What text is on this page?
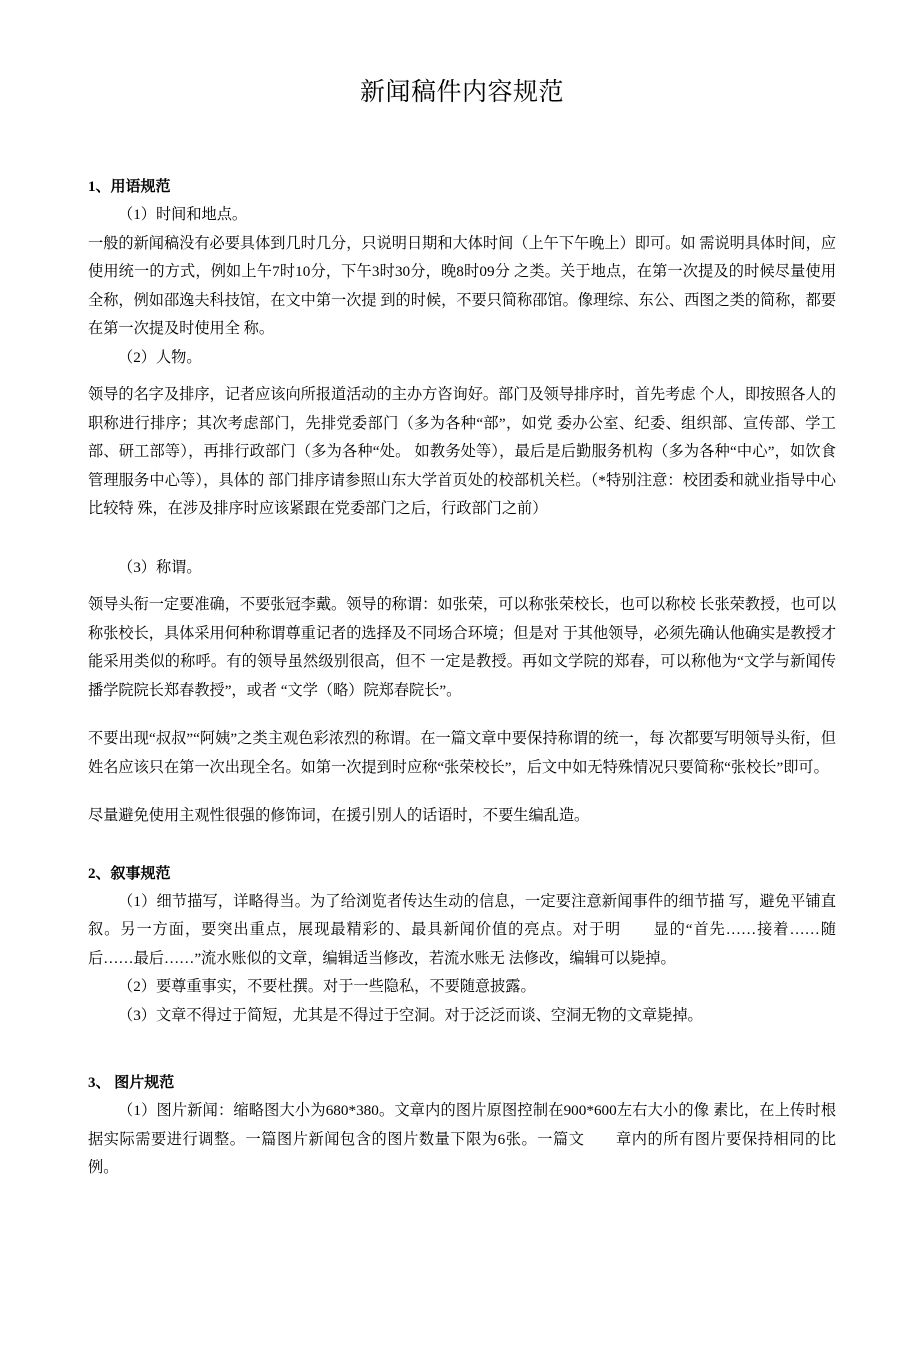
新闻稿件内容规范
1、用语规范
（1）时间和地点。
一般的新闻稿没有必要具体到几时几分，只说明日期和大体时间（上午下午晚上）即可。如 需说明具体时间，应使用统一的方式，例如上午7时10分，下午3时30分，晚8时09分 之类。关于地点，在第一次提及的时候尽量使用全称，例如邵逸夫科技馆，在文中第一次提 到的时候，不要只简称邵馆。像理综、东公、西图之类的简称，都要在第一次提及时使用全 称。
（2）人物。
领导的名字及排序，记者应该向所报道活动的主办方咨询好。部门及领导排序时，首先考虑 个人，即按照各人的职称进行排序；其次考虑部门，先排党委部门（多为各种“部”，如党 委办公室、纪委、组织部、宣传部、学工部、研工部等），再排行政部门（多为各种“处。 如教务处等），最后是后勤服务机构（多为各种“中心”，如饮食管理服务中心等），具体的 部门排序请参照山东大学首页处的校部机关栏。（*特别注意：校团委和就业指导中心比较特 殊，在涉及排序时应该紧跟在党委部门之后，行政部门之前）
（3）称谓。
领导头衔一定要准确，不要张冠李戴。领导的称谓：如张荣，可以称张荣校长，也可以称校 长张荣教授，也可以称张校长，具体采用何种称谓尊重记者的选择及不同场合环境；但是对 于其他领导，必须先确认他确实是教授才能采用类似的称呼。有的领导虽然级别很高，但不 一定是教授。再如文学院的郑春，可以称他为“文学与新闻传播学院院长郑春教授”，或者 “文学（略）院郑春院长”。
不要出现“叔叔”“阿姨”之类主观色彩浓烈的称谓。在一篇文章中要保持称谓的统一，每 次都要写明领导头衔，但姓名应该只在第一次出现全名。如第一次提到时应称“张荣校长”，后文中如无特殊情况只要简称“张校长”即可。
尽量避免使用主观性很强的修饰词，在援引别人的话语时，不要生编乱造。
2、叙事规范
（1）细节描写，详略得当。为了给浏览者传达生动的信息，一定要注意新闻事件的细节描 写，避免平铺直叙。另一方面，要突出重点，展现最精彩的、最具新闻价值的亮点。对于明　　显的“首先……接着……随后……最后……”流水账似的文章，编辑适当修改，若流水账无 法修改，编辑可以毙掉。
（2）要尊重事实，不要杜撰。对于一些隐私，不要随意披露。
（3）文章不得过于简短，尤其是不得过于空洞。对于泛泛而谈、空洞无物的文章毙掉。
3、 图片规范
（1）图片新闻：缩略图大小为680*380。文章内的图片原图控制在900*600左右大小的像 素比，在上传时根据实际需要进行调整。一篇图片新闻包含的图片数量下限为6张。一篇文　　章内的所有图片要保持相同的比例。
